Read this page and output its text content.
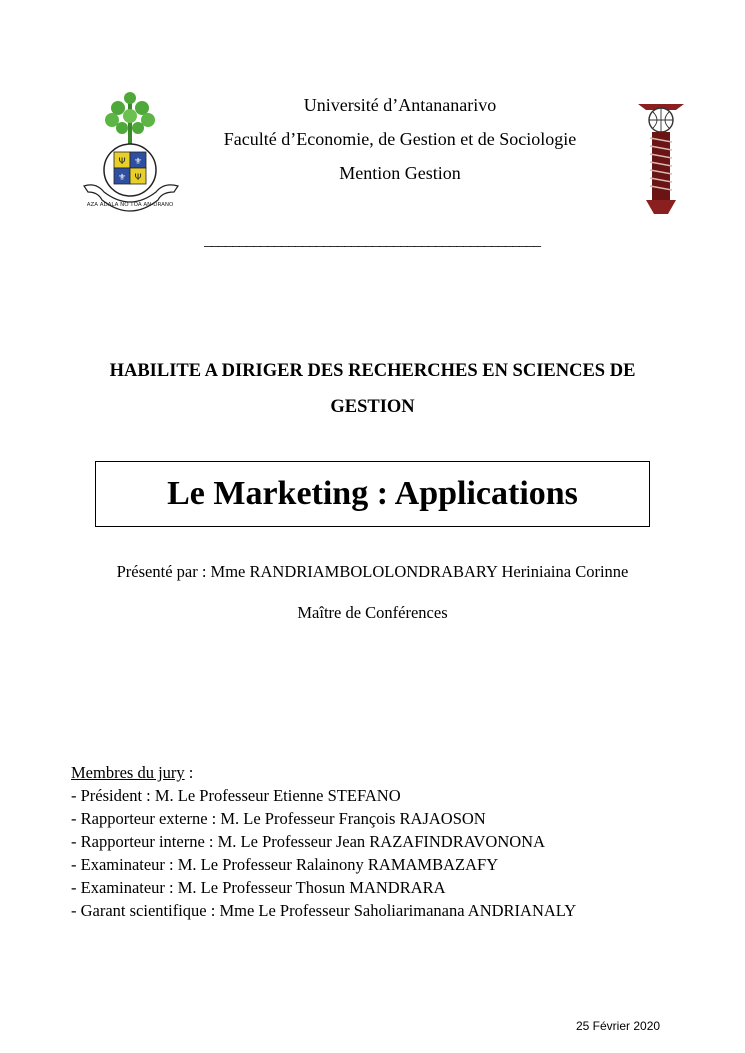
Ψ ⚜
⚜ Ψ
AZA ADALA NO TOA AN-DRANO
Université d’Antananarivo
Faculté d’Economie, de Gestion et de Sociologie
Mention Gestion
________________________________________________
HABILITE A DIRIGER DES RECHERCHES EN SCIENCES DE
GESTION
Le Marketing : Applications
Présenté par : Mme RANDRIAMBOLOLONDRABARY Heriniaina Corinne
Maître de Conférences
Membres du jury :
- Président : M. Le Professeur Etienne STEFANO
- Rapporteur externe : M. Le Professeur François RAJAOSON
- Rapporteur interne : M. Le Professeur Jean RAZAFINDRAVONONA
- Examinateur : M. Le Professeur Ralainony RAMAMBAZAFY
- Examinateur : M. Le Professeur Thosun MANDRARA
- Garant scientifique : Mme Le Professeur Saholiarimanana ANDRIANALY
25 Février 2020
